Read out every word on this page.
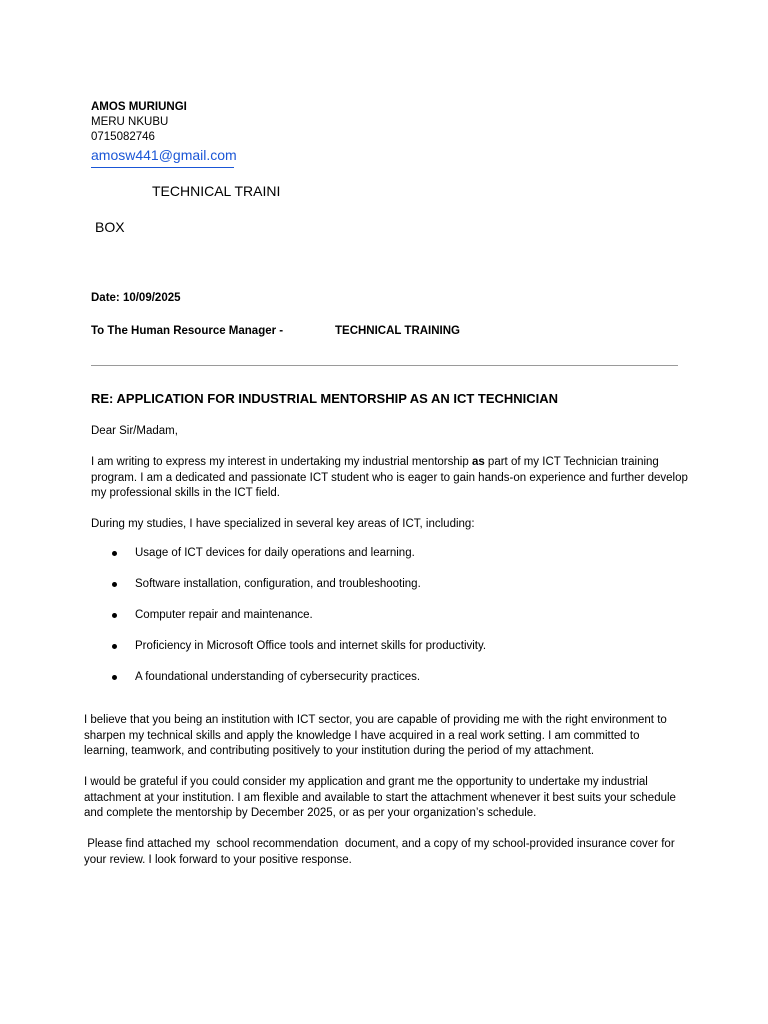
AMOS MURIUNGI
MERU NKUBU
0715082746
amosw441@gmail.com
TECHNICAL TRAINI
BOX
Date: 10/09/2025
To The Human Resource Manager -	TECHNICAL TRAINING
RE: APPLICATION FOR INDUSTRIAL MENTORSHIP AS AN ICT TECHNICIAN
Dear Sir/Madam,
I am writing to express my interest in undertaking my industrial mentorship as part of my ICT Technician training program. I am a dedicated and passionate ICT student who is eager to gain hands-on experience and further develop my professional skills in the ICT field.
During my studies, I have specialized in several key areas of ICT, including:
Usage of ICT devices for daily operations and learning.
Software installation, configuration, and troubleshooting.
Computer repair and maintenance.
Proficiency in Microsoft Office tools and internet skills for productivity.
A foundational understanding of cybersecurity practices.
I believe that you being an institution with ICT sector, you are capable of providing me with the right environment to sharpen my technical skills and apply the knowledge I have acquired in a real work setting. I am committed to learning, teamwork, and contributing positively to your institution during the period of my attachment.
I would be grateful if you could consider my application and grant me the opportunity to undertake my industrial attachment at your institution. I am flexible and available to start the attachment whenever it best suits your schedule and complete the mentorship by December 2025, or as per your organization’s schedule.
Please find attached my  school recommendation  document, and a copy of my school-provided insurance cover for your review. I look forward to your positive response.
